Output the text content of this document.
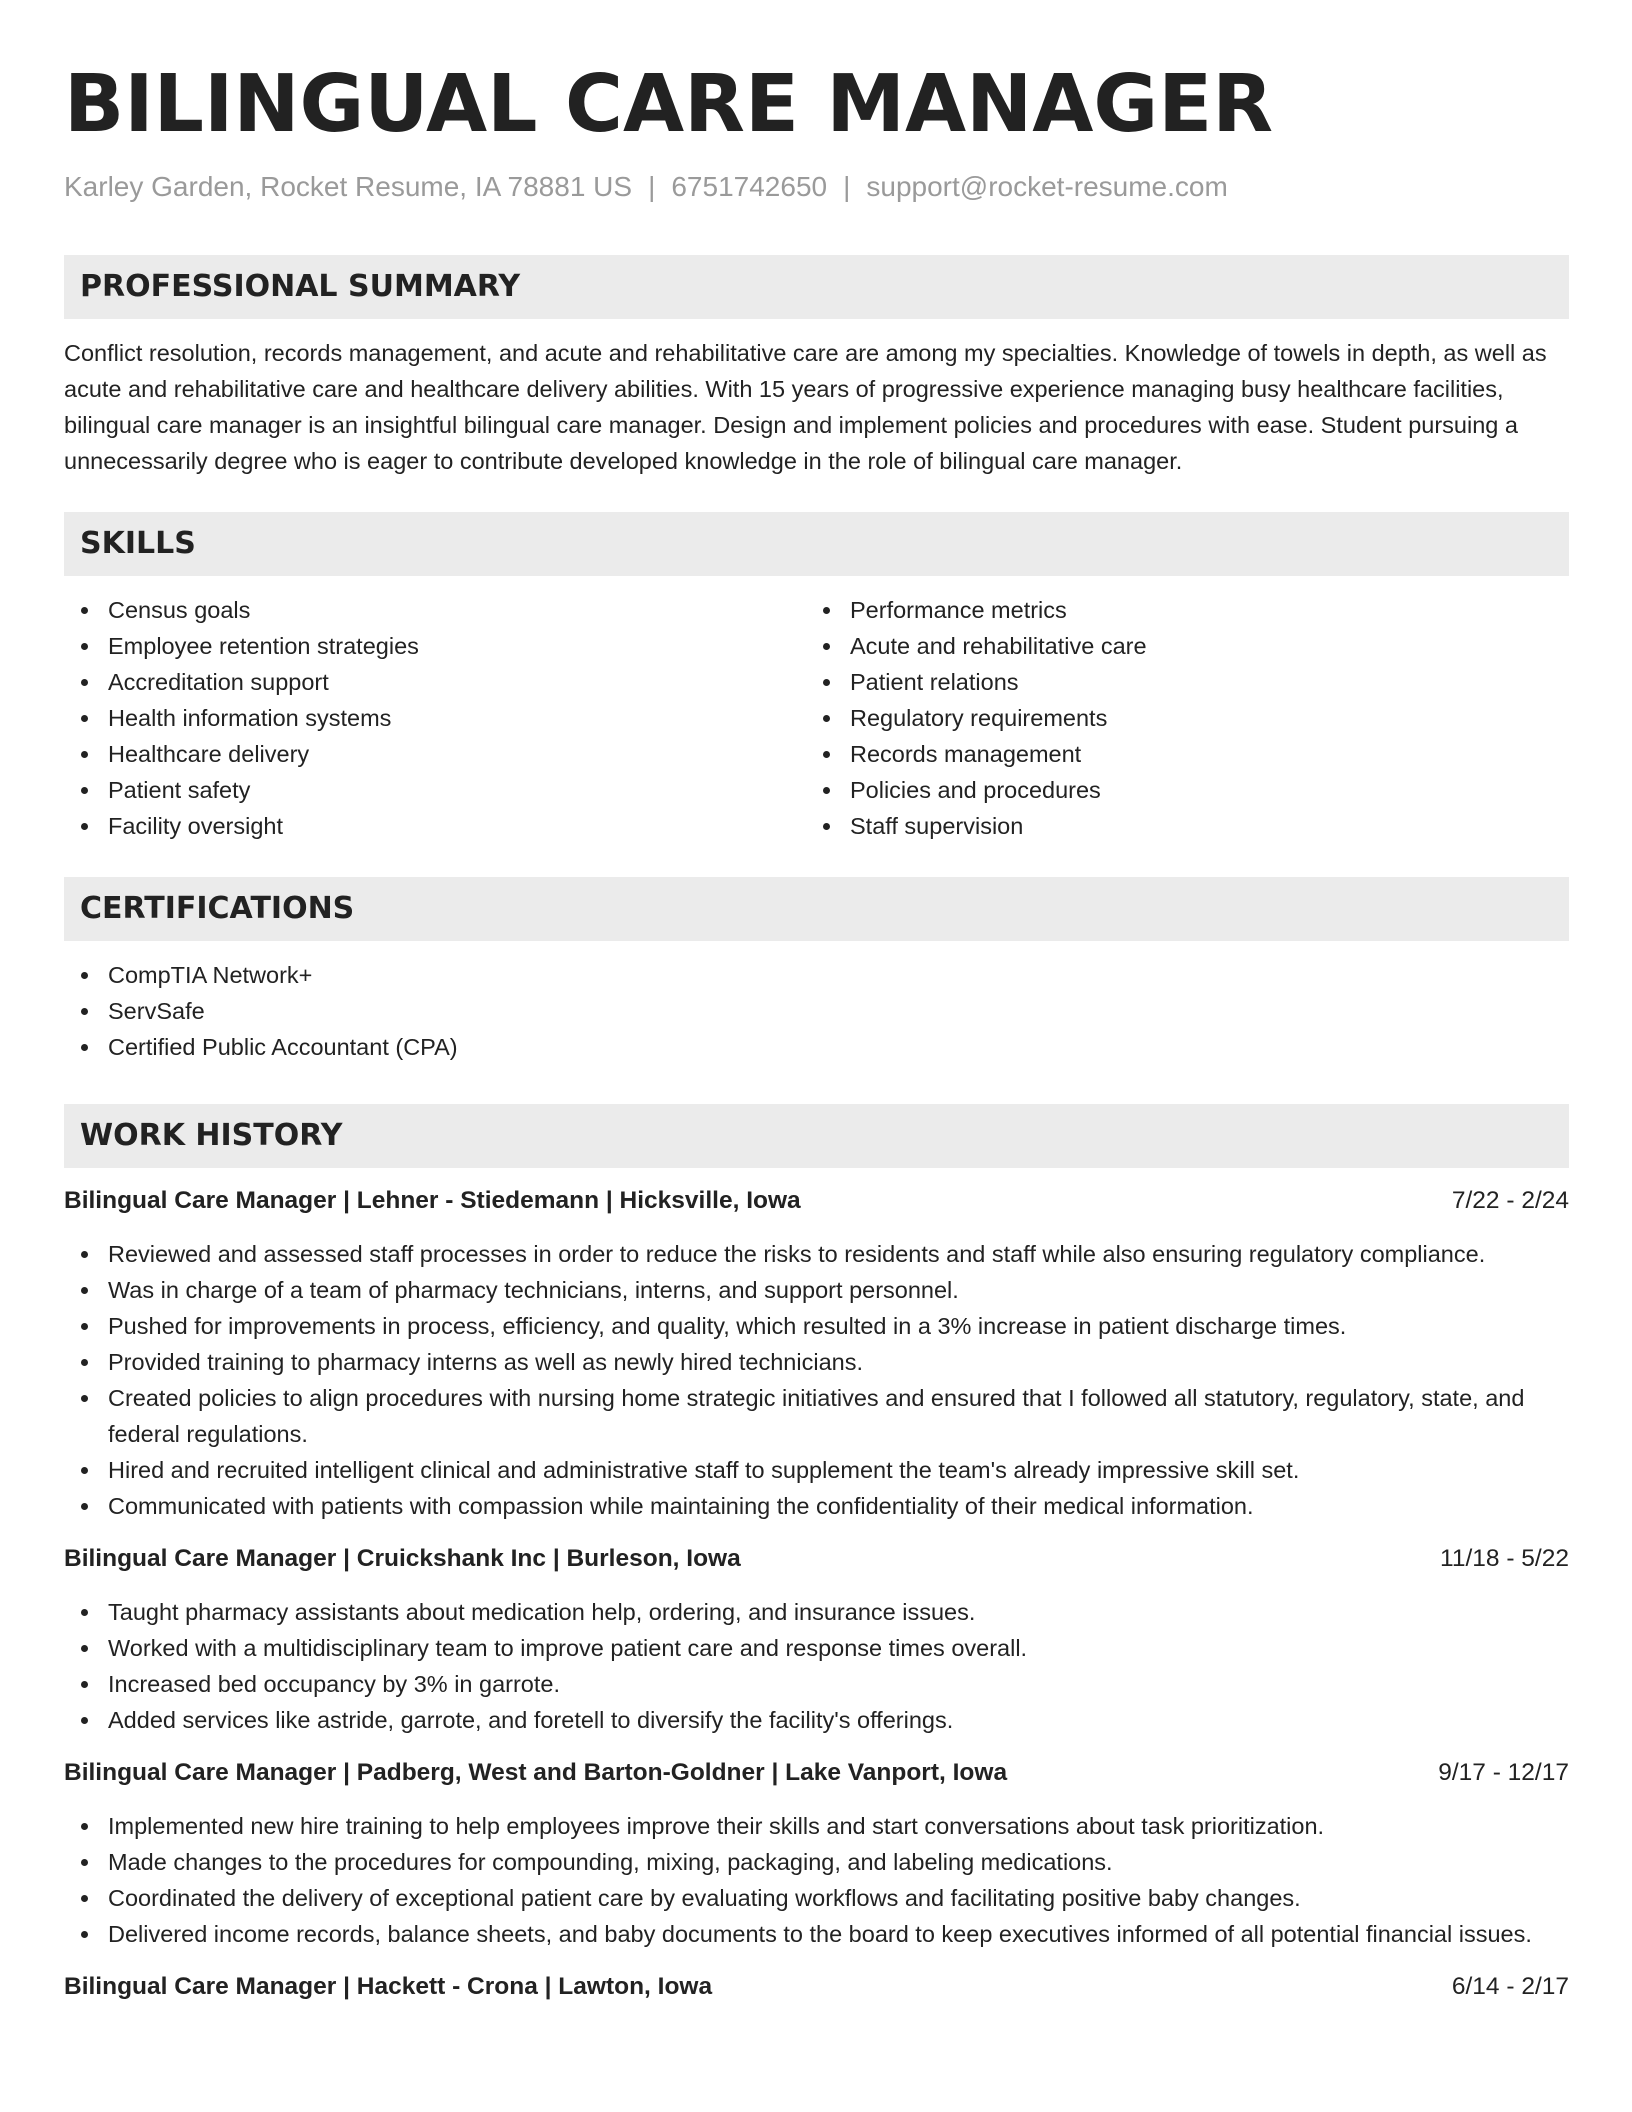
BILINGUAL CARE MANAGER
Karley Garden, Rocket Resume, IA 78881 US | 6751742650 | support@rocket-resume.com
PROFESSIONAL SUMMARY
Conflict resolution, records management, and acute and rehabilitative care are among my specialties. Knowledge of towels in depth, as well as acute and rehabilitative care and healthcare delivery abilities. With 15 years of progressive experience managing busy healthcare facilities, bilingual care manager is an insightful bilingual care manager. Design and implement policies and procedures with ease. Student pursuing a unnecessarily degree who is eager to contribute developed knowledge in the role of bilingual care manager.
SKILLS
Census goals
Employee retention strategies
Accreditation support
Health information systems
Healthcare delivery
Patient safety
Facility oversight
Performance metrics
Acute and rehabilitative care
Patient relations
Regulatory requirements
Records management
Policies and procedures
Staff supervision
CERTIFICATIONS
CompTIA Network+
ServSafe
Certified Public Accountant (CPA)
WORK HISTORY
Bilingual Care Manager | Lehner - Stiedemann | Hicksville, Iowa	7/22 - 2/24
Reviewed and assessed staff processes in order to reduce the risks to residents and staff while also ensuring regulatory compliance.
Was in charge of a team of pharmacy technicians, interns, and support personnel.
Pushed for improvements in process, efficiency, and quality, which resulted in a 3% increase in patient discharge times.
Provided training to pharmacy interns as well as newly hired technicians.
Created policies to align procedures with nursing home strategic initiatives and ensured that I followed all statutory, regulatory, state, and federal regulations.
Hired and recruited intelligent clinical and administrative staff to supplement the team's already impressive skill set.
Communicated with patients with compassion while maintaining the confidentiality of their medical information.
Bilingual Care Manager | Cruickshank Inc | Burleson, Iowa	11/18 - 5/22
Taught pharmacy assistants about medication help, ordering, and insurance issues.
Worked with a multidisciplinary team to improve patient care and response times overall.
Increased bed occupancy by 3% in garrote.
Added services like astride, garrote, and foretell to diversify the facility's offerings.
Bilingual Care Manager | Padberg, West and Barton-Goldner | Lake Vanport, Iowa	9/17 - 12/17
Implemented new hire training to help employees improve their skills and start conversations about task prioritization.
Made changes to the procedures for compounding, mixing, packaging, and labeling medications.
Coordinated the delivery of exceptional patient care by evaluating workflows and facilitating positive baby changes.
Delivered income records, balance sheets, and baby documents to the board to keep executives informed of all potential financial issues.
Bilingual Care Manager | Hackett - Crona | Lawton, Iowa	6/14 - 2/17
